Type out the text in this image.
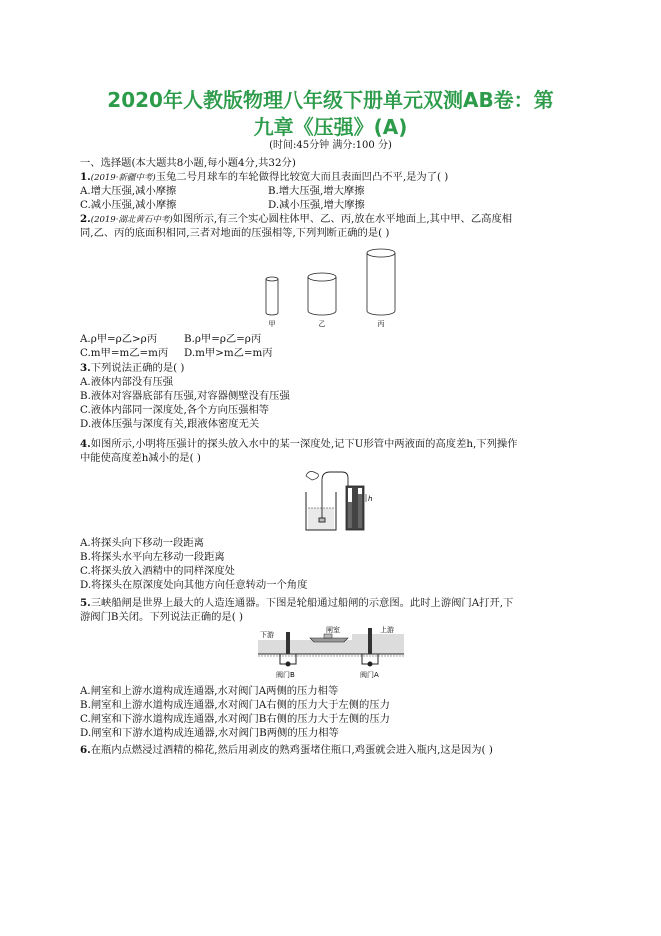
2020年人教版物理八年级下册单元双测AB卷：第
九章《压强》(A)
(时间:45分钟 满分:100 分)
一、选择题(本大题共8小题,每小题4分,共32分)
1.(2019·新疆中考)玉兔二号月球车的车轮做得比较宽大而且表面凹凸不平,是为了( )
A.增大压强,减小摩擦	B.增大压强,增大摩擦
C.减小压强,减小摩擦	D.减小压强,增大摩擦
2.(2019·湖北黄石中考)如图所示,有三个实心圆柱体甲、乙、丙,放在水平地面上,其中甲、乙高度相
同,乙、丙的底面积相同,三者对地面的压强相等,下列判断正确的是( )
甲	乙	丙
A.ρ甲=ρ乙>ρ丙	B.ρ甲=ρ乙=ρ丙
C.m甲=m乙=m丙 D.m甲>m乙=m丙
3.下列说法正确的是( )
A.液体内部没有压强
B.液体对容器底部有压强,对容器侧壁没有压强
C.液体内部同一深度处,各个方向压强相等
D.液体压强与深度有关,跟液体密度无关
4.如图所示,小明将压强计的探头放入水中的某一深度处,记下U形管中两液面的高度差h,下列操作
中能使高度差h减小的是( )
h
A.将探头向下移动一段距离
B.将探头水平向左移动一段距离
C.将探头放入酒精中的同样深度处
D.将探头在原深度处向其他方向任意转动一个角度
5.三峡船闸是世界上最大的人造连通器。下图是轮船通过船闸的示意图。此时上游阀门A打开,下
游阀门B关闭。下列说法正确的是( )
下游
闸室	上游
阀门B	阀门A
A.闸室和上游水道构成连通器,水对阀门A两侧的压力相等
B.闸室和上游水道构成连通器,水对阀门A右侧的压力大于左侧的压力
C.闸室和下游水道构成连通器,水对阀门B右侧的压力大于左侧的压力
D.闸室和下游水道构成连通器,水对阀门B两侧的压力相等
6.在瓶内点燃浸过酒精的棉花,然后用剥皮的熟鸡蛋堵住瓶口,鸡蛋就会进入瓶内,这是因为( )
